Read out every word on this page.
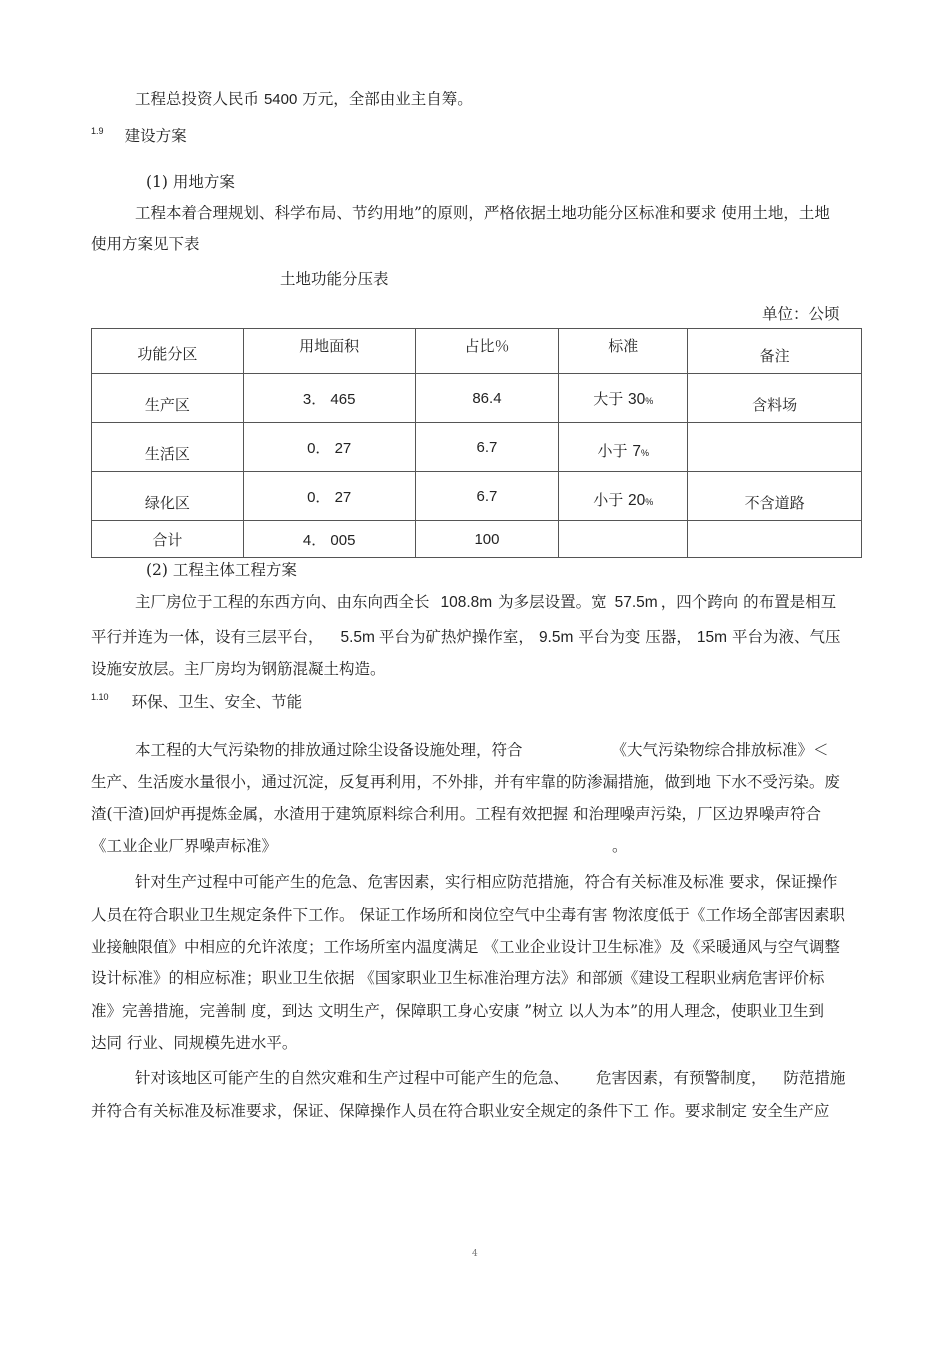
工程总投资人民币 5400 万元，全部由业主自筹。
$^{1.9}$ 建设方案
(1) 用地方案
工程本着合理规划、科学布局、节约用地”的原则，严格依据土地功能分区标准和要求 使用土地，土地
使用方案见下表
土地功能分压表
单位：公顷
功能分区	用地面积	占比％	标准	备注
生产区	3． 465	86.4	大于 30%	含料场
生活区	0． 27	6.7	小于 7%	
绿化区	0． 27	6.7	小于 20%	不含道路
合计	4． 005	100		
(2) 工程主体工程方案
主厂房位于工程的东西方向、由东向西全长 108.8m 为多层设置。宽 57.5m ，四个跨向 的布置是相互
平行并连为一体，设有三层平台， 5.5m 平台为矿热炉操作室， 9.5m 平台为变 压器， 15m 平台为液、气压
设施安放层。主厂房均为钢筋混凝土构造。
$^{1.10}$ 环保、卫生、安全、节能
本工程的大气污染物的排放通过除尘设备设施处理，符合	《大气污染物综合排放标准》＜
生产、生活废水量很小，通过沉淀，反复再利用，不外排，并有牢靠的防渗漏措施，做到地 下水不受污染。废
渣(干渣)回炉再提炼金属，水渣用于建筑原料综合利用。工程有效把握 和治理噪声污染，厂区边界噪声符合
《工业企业厂界噪声标准》	。
针对生产过程中可能产生的危急、危害因素，实行相应防范措施，符合有关标准及标准 要求，保证操作
人员在符合职业卫生规定条件下工作。 保证工作场所和岗位空气中尘毒有害 物浓度低于《工作场全部害因素职
业接触限值》中相应的允许浓度；工作场所室内温度满足 《工业企业设计卫生标准》及《采暖通风与空气调整
设计标准》的相应标准；职业卫生依据 《国家职业卫生标准治理方法》和部颁《建设工程职业病危害评价标
准》完善措施，完善制 度，到达 文明生产，保障职工身心安康 ”树立 以人为本”的用人理念，使职业卫生到
达同 行业、同规模先进水平。
针对该地区可能产生的自然灾难和生产过程中可能产生的危急、 危害因素，有预警制度， 防范措施
并符合有关标准及标准要求，保证、保障操作人员在符合职业安全规定的条件下工 作。要求制定 安全生产应
4
